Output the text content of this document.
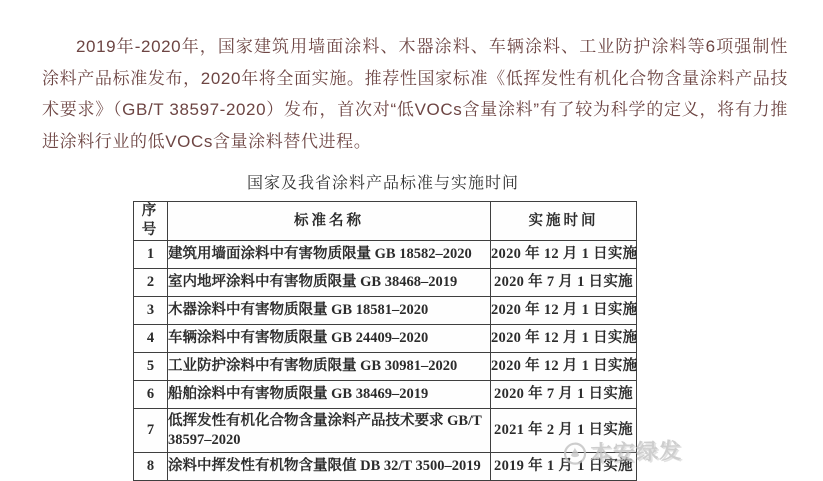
2019年-2020年，国家建筑用墙面涂料、木器涂料、车辆涂料、工业防护涂料等6项强制性涂料产品标准发布，2020年将全面实施。推荐性国家标准《低挥发性有机化合物含量涂料产品技术要求》（GB/T 38597-2020）发布，首次对“低VOCs含量涂料”有了较为科学的定义，将有力推进涂料行业的低VOCs含量涂料替代进程。

国家及我省涂料产品标准与实施时间
序号	标准名称	实施时间
1	建筑用墙面涂料中有害物质限量 GB 18582–2020	2020 年 12 月 1 日实施
2	室内地坪涂料中有害物质限量 GB 38468–2019	2020 年 7 月 1 日实施
3	木器涂料中有害物质限量 GB 18581–2020	2020 年 12 月 1 日实施
4	车辆涂料中有害物质限量 GB 24409–2020	2020 年 12 月 1 日实施
5	工业防护涂料中有害物质限量 GB 30981–2020	2020 年 12 月 1 日实施
6	船舶涂料中有害物质限量 GB 38469–2019	2020 年 7 月 1 日实施
7	低挥发性有机化合物含量涂料产品技术要求 GB/T 38597–2020	2021 年 2 月 1 日实施
8	涂料中挥发性有机物含量限值 DB 32/T 3500–2019	2019 年 1 月 1 日实施
本安绿发
